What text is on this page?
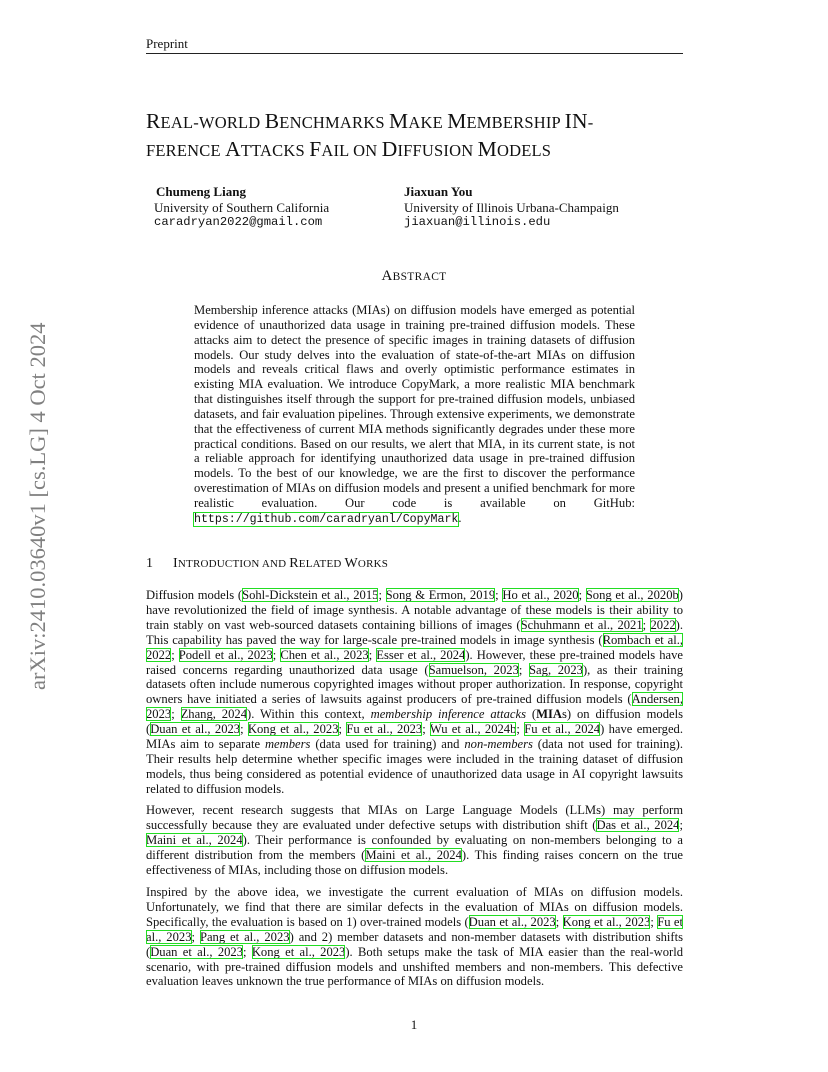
Preprint
REAL-WORLD BENCHMARKS MAKE MEMBERSHIP IN-
FERENCE ATTACKS FAIL ON DIFFUSION MODELS
Chumeng Liang
University of Southern California
caradryan2022@gmail.com
Jiaxuan You
University of Illinois Urbana-Champaign
jiaxuan@illinois.edu
ABSTRACT
Membership inference attacks (MIAs) on diffusion models have emerged as potential evidence of unauthorized data usage in training pre-trained diffusion models. These attacks aim to detect the presence of specific images in training datasets of diffusion models. Our study delves into the evaluation of state-of-the-art MIAs on diffusion models and reveals critical flaws and overly optimistic performance estimates in existing MIA evaluation. We introduce CopyMark, a more realistic MIA benchmark that distinguishes itself through the support for pre-trained diffusion models, unbiased datasets, and fair evaluation pipelines. Through extensive experiments, we demonstrate that the effectiveness of current MIA methods significantly degrades under these more practical conditions. Based on our results, we alert that MIA, in its current state, is not a reliable approach for identifying unauthorized data usage in pre-trained diffusion models. To the best of our knowledge, we are the first to discover the performance overestimation of MIAs on diffusion models and present a unified benchmark for more realistic evaluation. Our code is available on GitHub: https://github.com/caradryanl/CopyMark.
arXiv:2410.03640v1 [cs.LG] 4 Oct 2024	1 INTRODUCTION AND RELATED WORKS
Diffusion models (Sohl-Dickstein et al., 2015; Song & Ermon, 2019; Ho et al., 2020; Song et al., 2020b) have revolutionized the field of image synthesis. A notable advantage of these models is their ability to train stably on vast web-sourced datasets containing billions of images (Schuhmann et al., 2021; 2022). This capability has paved the way for large-scale pre-trained models in image synthesis (Rombach et al., 2022; Podell et al., 2023; Chen et al., 2023; Esser et al., 2024). However, these pre-trained models have raised concerns regarding unauthorized data usage (Samuelson, 2023; Sag, 2023), as their training datasets often include numerous copyrighted images without proper authorization. In response, copyright owners have initiated a series of lawsuits against producers of pre-trained diffusion models (Andersen, 2023; Zhang, 2024). Within this context, membership inference attacks (MIAs) on diffusion models (Duan et al., 2023; Kong et al., 2023; Fu et al., 2023; Wu et al., 2024b; Fu et al., 2024) have emerged. MIAs aim to separate members (data used for training) and non-members (data not used for training). Their results help determine whether specific images were included in the training dataset of diffusion models, thus being considered as potential evidence of unauthorized data usage in AI copyright lawsuits related to diffusion models.
However, recent research suggests that MIAs on Large Language Models (LLMs) may perform successfully because they are evaluated under defective setups with distribution shift (Das et al., 2024; Maini et al., 2024). Their performance is confounded by evaluating on non-members belonging to a different distribution from the members (Maini et al., 2024). This finding raises concern on the true effectiveness of MIAs, including those on diffusion models.
Inspired by the above idea, we investigate the current evaluation of MIAs on diffusion models. Unfortunately, we find that there are similar defects in the evaluation of MIAs on diffusion models. Specifically, the evaluation is based on 1) over-trained models (Duan et al., 2023; Kong et al., 2023; Fu et al., 2023; Pang et al., 2023) and 2) member datasets and non-member datasets with distribution shifts (Duan et al., 2023; Kong et al., 2023). Both setups make the task of MIA easier than the real-world scenario, with pre-trained diffusion models and unshifted members and non-members. This defective evaluation leaves unknown the true performance of MIAs on diffusion models.
1
